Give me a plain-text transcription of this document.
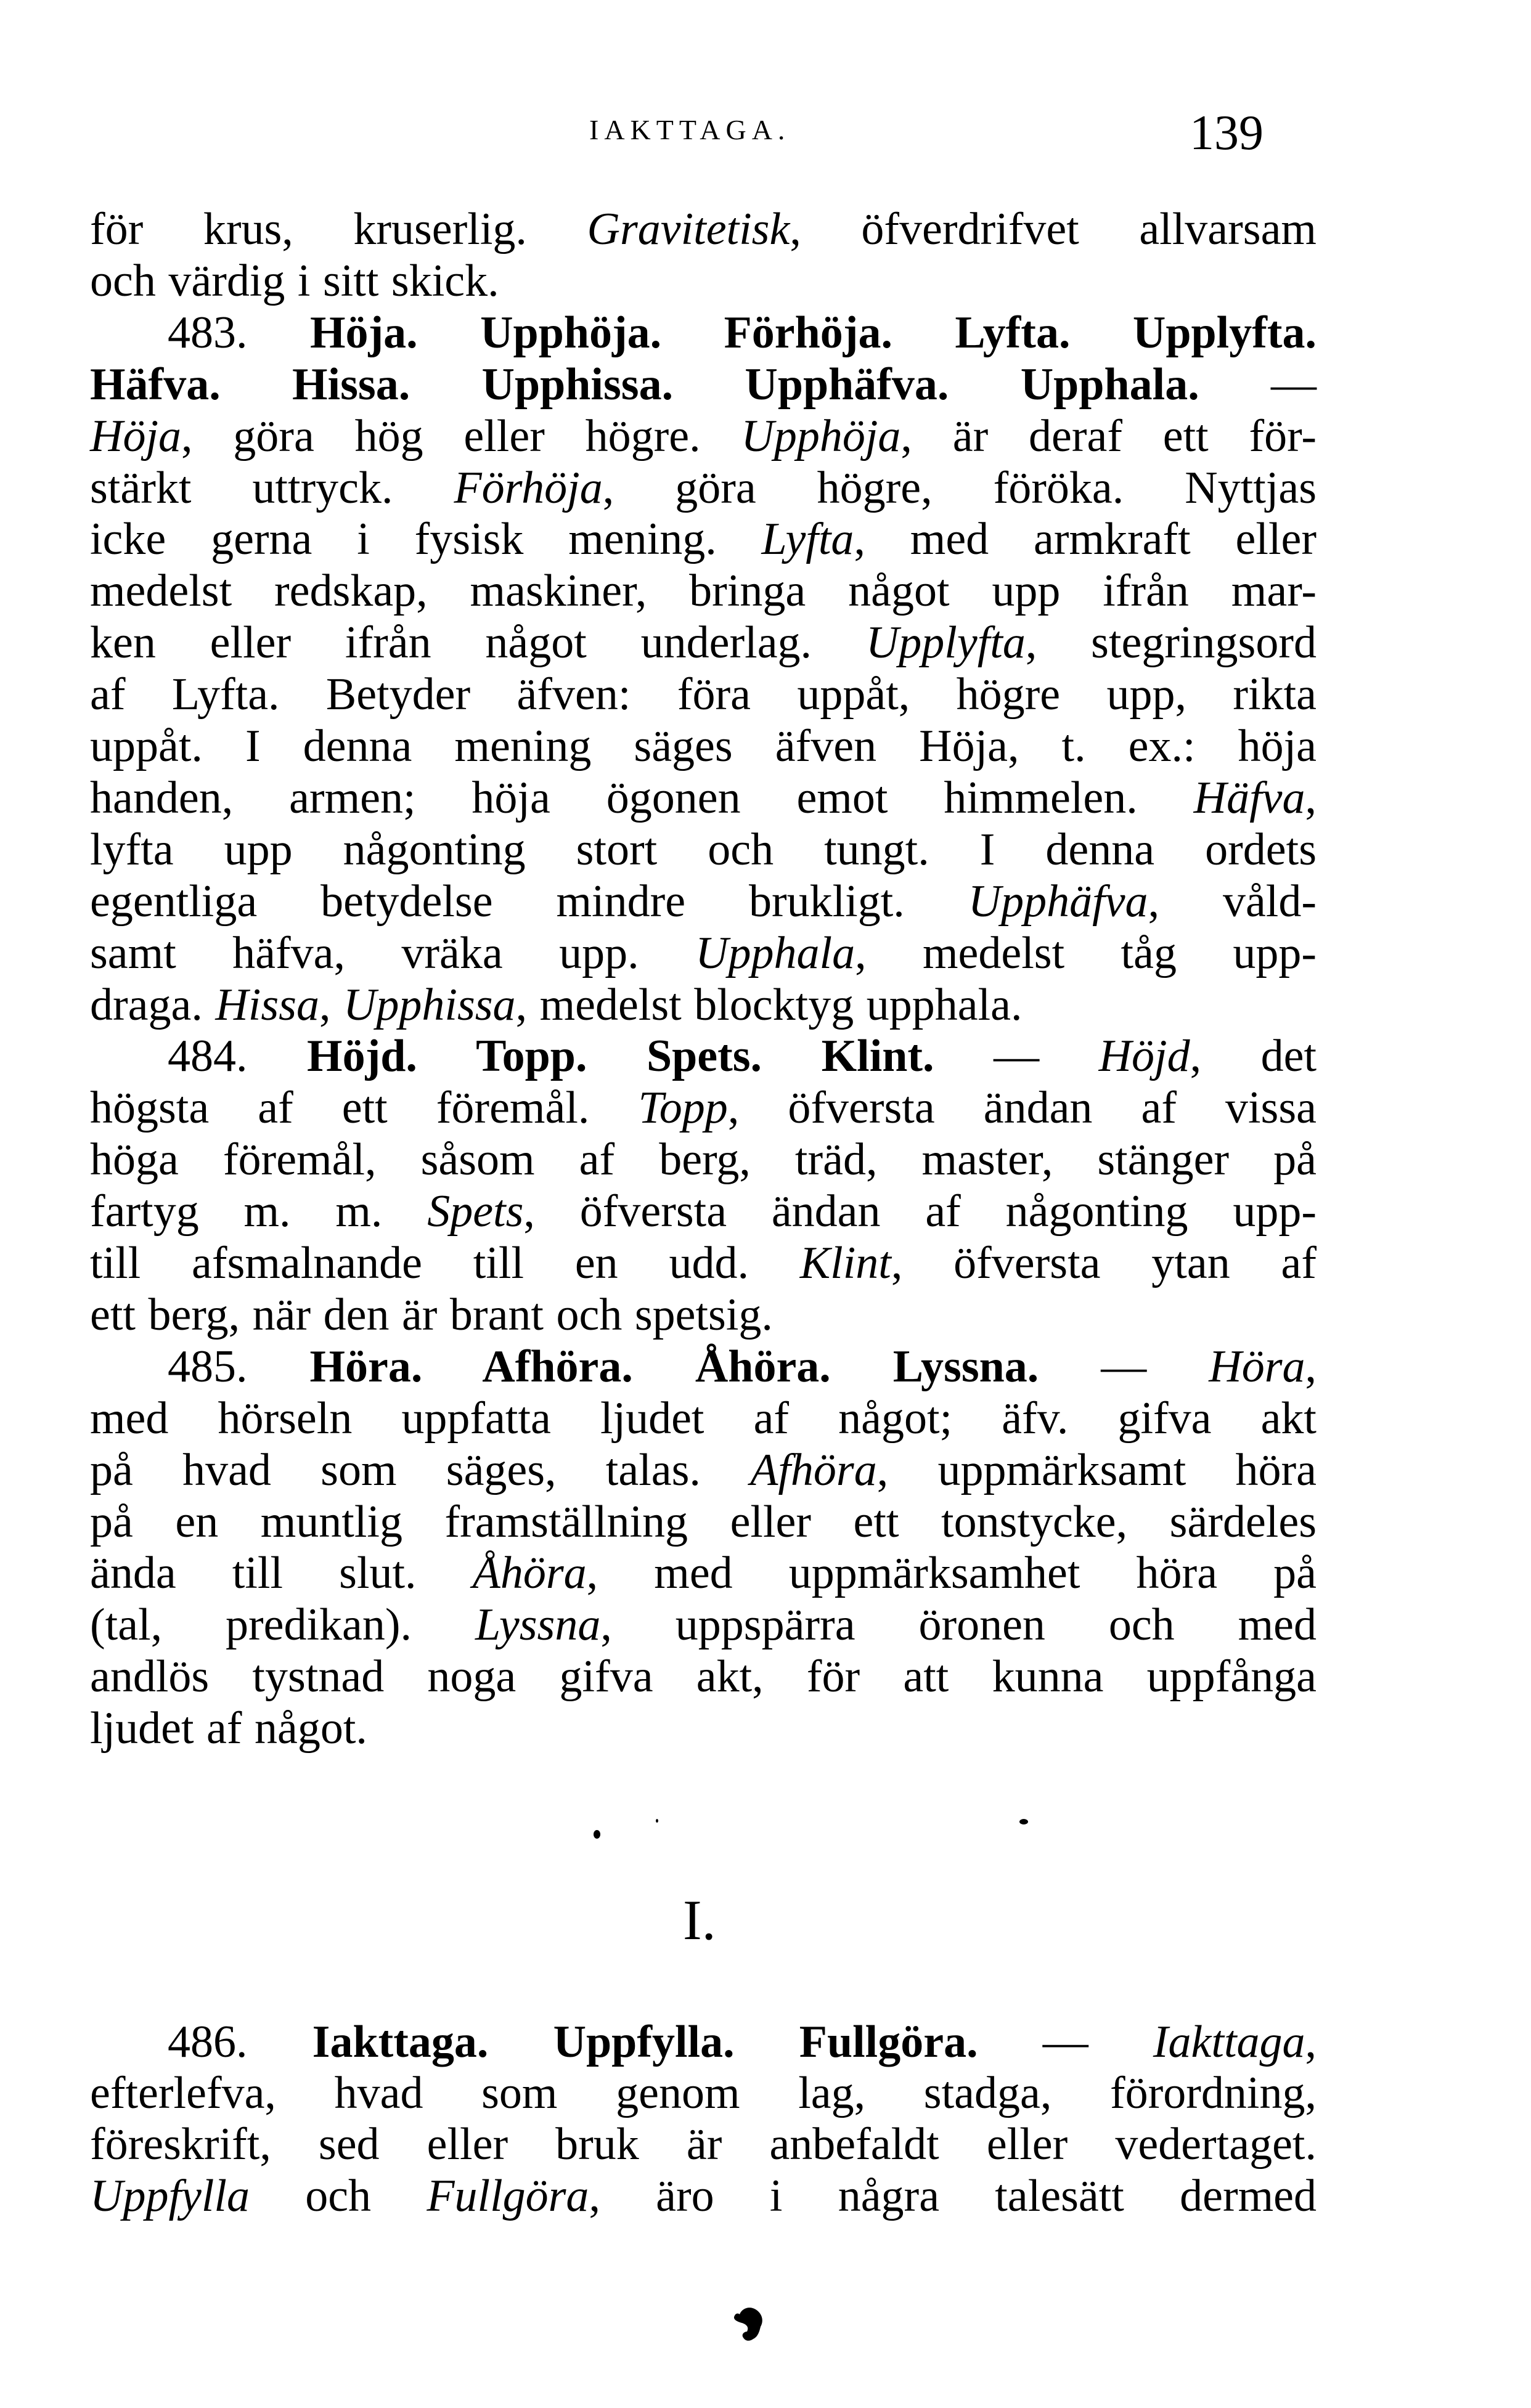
IAKTTAGA.	139
för krus, kruserlig. Gravitetisk, öfverdrifvet allvarsam
och värdig i sitt skick.
483. Höja. Upphöja. Förhöja. Lyfta. Upplyfta.
Häfva. Hissa. Upphissa. Upphäfva. Upphala. —
Höja, göra hög eller högre. Upphöja, är deraf ett för-
stärkt uttryck. Förhöja, göra högre, föröka. Nyttjas
icke gerna i fysisk mening. Lyfta, med armkraft eller
medelst redskap, maskiner, bringa något upp ifrån mar-
ken eller ifrån något underlag. Upplyfta, stegringsord
af Lyfta. Betyder äfven: föra uppåt, högre upp, rikta
uppåt. I denna mening säges äfven Höja, t. ex.: höja
handen, armen; höja ögonen emot himmelen. Häfva,
lyfta upp någonting stort och tungt. I denna ordets
egentliga betydelse mindre brukligt. Upphäfva, våld-
samt häfva, vräka upp. Upphala, medelst tåg upp-
draga. Hissa, Upphissa, medelst blocktyg upphala.
484. Höjd. Topp. Spets. Klint. — Höjd, det
högsta af ett föremål. Topp, öfversta ändan af vissa
höga föremål, såsom af berg, träd, master, stänger på
fartyg m. m. Spets, öfversta ändan af någonting upp-
till afsmalnande till en udd. Klint, öfversta ytan af
ett berg, när den är brant och spetsig.
485. Höra. Afhöra. Åhöra. Lyssna. — Höra,
med hörseln uppfatta ljudet af något; äfv. gifva akt
på hvad som säges, talas. Afhöra, uppmärksamt höra
på en muntlig framställning eller ett tonstycke, särdeles
ända till slut. Åhöra, med uppmärksamhet höra på
(tal, predikan). Lyssna, uppspärra öronen och med
andlös tystnad noga gifva akt, för att kunna uppfånga
ljudet af något.
I.
486. Iakttaga. Uppfylla. Fullgöra. — Iakttaga,
efterlefva, hvad som genom lag, stadga, förordning,
föreskrift, sed eller bruk är anbefaldt eller vedertaget.
Uppfylla och Fullgöra, äro i några talesätt dermed
